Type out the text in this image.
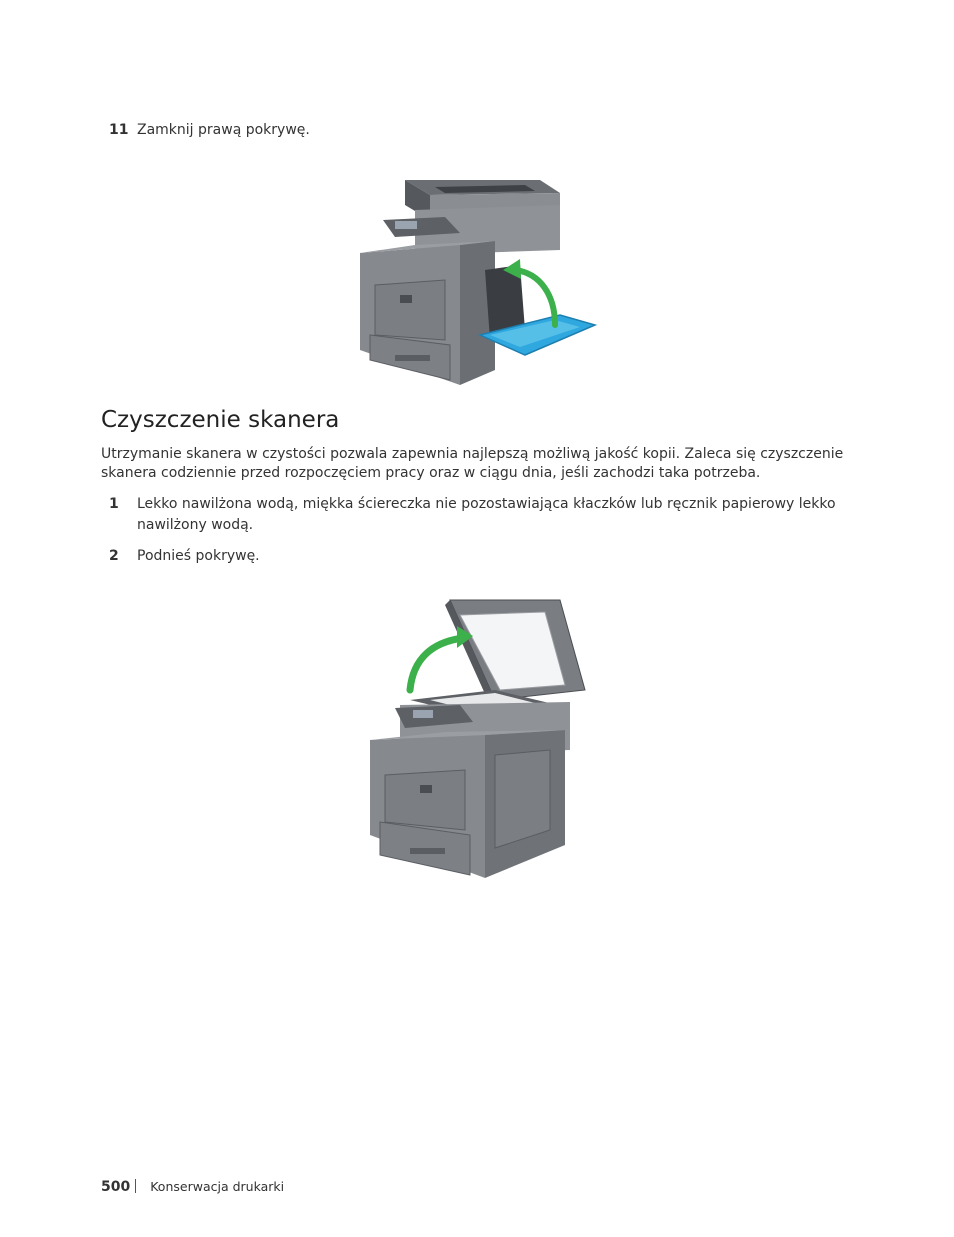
11 Zamknij prawą pokrywę.
Czyszczenie skanera

Utrzymanie skanera w czystości pozwala zapewnia najlepszą możliwą jakość kopii. Zaleca się czyszczenie skanera codziennie przed rozpoczęciem pracy oraz w ciągu dnia, jeśli zachodzi taka potrzeba.

1 Lekko nawilżona wodą, miękka ściereczka nie pozostawiająca kłaczków lub ręcznik papierowy lekko nawilżony wodą.
2 Podnieś pokrywę.
500 Konserwacja drukarki
